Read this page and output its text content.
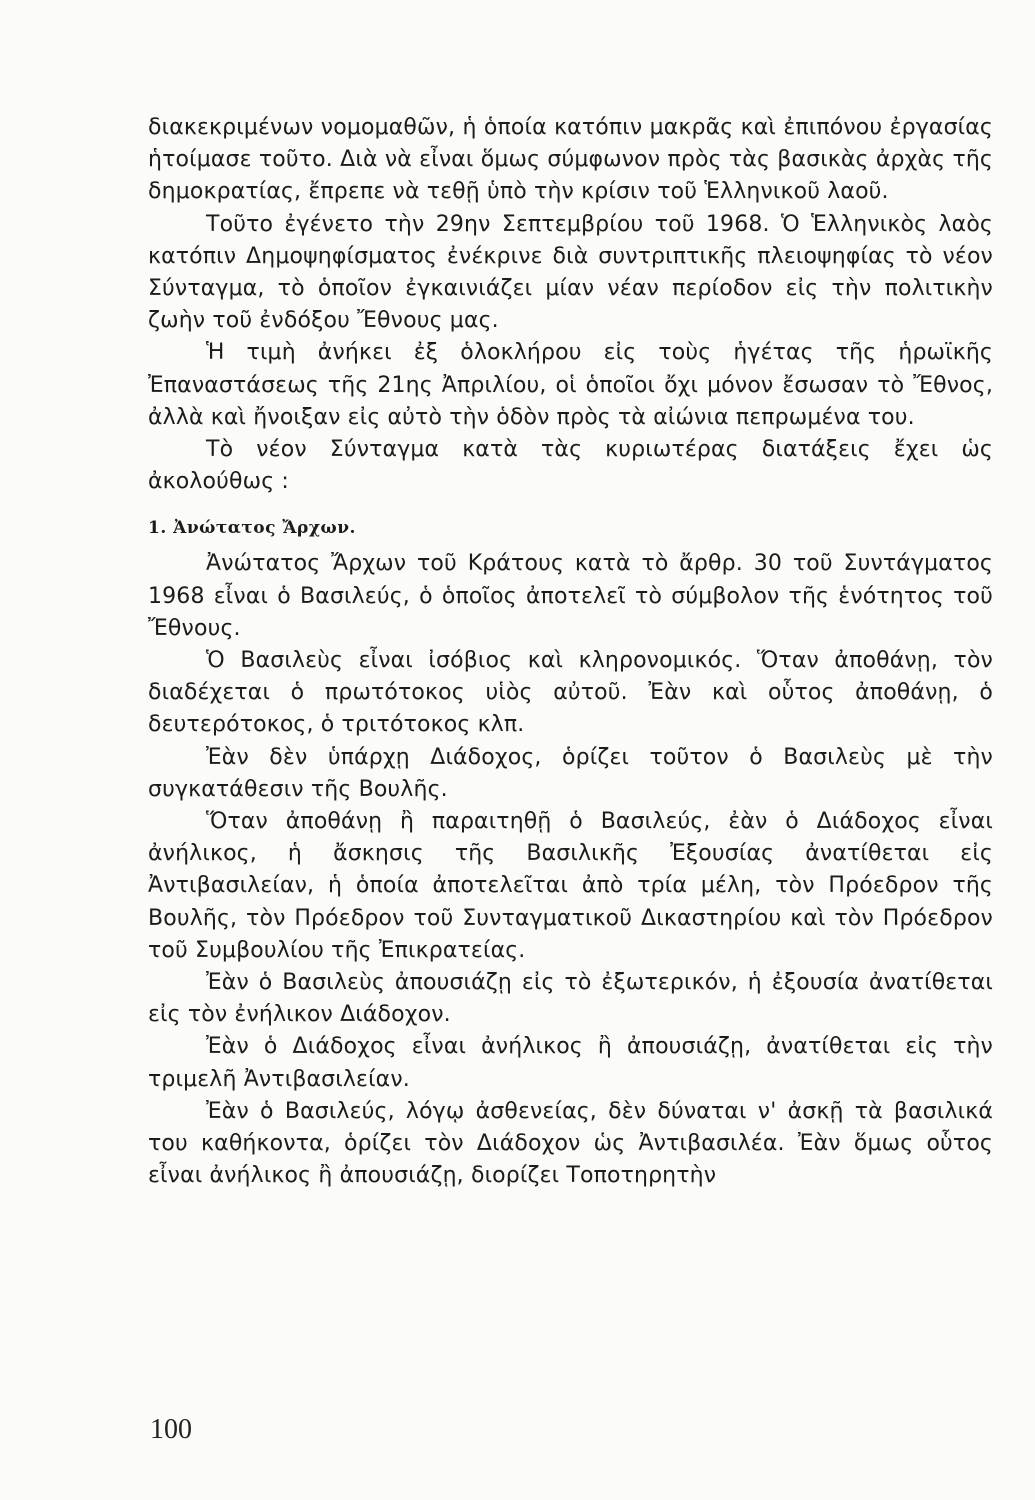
διακεκριμένων νομομαθῶν, ἡ ὁποία κατόπιν μακρᾶς καὶ ἐπιπόνου ἐργασίας ἡτοίμασε τοῦτο. Διὰ νὰ εἶναι ὅμως σύμφωνον πρὸς τὰς βασικὰς ἀρχὰς τῆς δημοκρατίας, ἔπρεπε νὰ τεθῇ ὑπὸ τὴν κρίσιν τοῦ Ἑλληνικοῦ λαοῦ.

Τοῦτο ἐγένετο τὴν 29ην Σεπτεμβρίου τοῦ 1968. Ὁ Ἑλληνικὸς λαὸς κατόπιν Δημοψηφίσματος ἐνέκρινε διὰ συντριπτικῆς πλειοψηφίας τὸ νέον Σύνταγμα, τὸ ὁποῖον ἐγκαινιάζει μίαν νέαν περίοδον εἰς τὴν πολιτικὴν ζωὴν τοῦ ἐνδόξου Ἔθνους μας.

Ἡ τιμὴ ἀνήκει ἐξ ὁλοκλήρου εἰς τοὺς ἡγέτας τῆς ἡρωϊκῆς Ἐπαναστάσεως τῆς 21ης Ἀπριλίου, οἱ ὁποῖοι ὄχι μόνον ἔσωσαν τὸ Ἔθνος, ἀλλὰ καὶ ἤνοιξαν εἰς αὐτὸ τὴν ὁδὸν πρὸς τὰ αἰώνια πεπρωμένα του.

Τὸ νέον Σύνταγμα κατὰ τὰς κυριωτέρας διατάξεις ἔχει ὡς ἀκολούθως :

1. Ἀνώτατος Ἄρχων.

Ἀνώτατος Ἄρχων τοῦ Κράτους κατὰ τὸ ἄρθρ. 30 τοῦ Συντάγματος 1968 εἶναι ὁ Βασιλεύς, ὁ ὁποῖος ἀποτελεῖ τὸ σύμβολον τῆς ἑνότητος τοῦ Ἔθνους.

Ὁ Βασιλεὺς εἶναι ἰσόβιος καὶ κληρονομικός. Ὅταν ἀποθάνῃ, τὸν διαδέχεται ὁ πρωτότοκος υἱὸς αὐτοῦ. Ἐὰν καὶ οὗτος ἀποθάνῃ, ὁ δευτερότοκος, ὁ τριτότοκος κλπ.

Ἐὰν δὲν ὑπάρχῃ Διάδοχος, ὁρίζει τοῦτον ὁ Βασιλεὺς μὲ τὴν συγκατάθεσιν τῆς Βουλῆς.

Ὅταν ἀποθάνῃ ἢ παραιτηθῇ ὁ Βασιλεύς, ἐὰν ὁ Διάδοχος εἶναι ἀνήλικος, ἡ ἄσκησις τῆς Βασιλικῆς Ἐξουσίας ἀνατίθεται εἰς Ἀντιβασιλείαν, ἡ ὁποία ἀποτελεῖται ἀπὸ τρία μέλη, τὸν Πρόεδρον τῆς Βουλῆς, τὸν Πρόεδρον τοῦ Συνταγματικοῦ Δικαστηρίου καὶ τὸν Πρόεδρον τοῦ Συμβουλίου τῆς Ἐπικρατείας.

Ἐὰν ὁ Βασιλεὺς ἀπουσιάζῃ εἰς τὸ ἐξωτερικόν, ἡ ἐξουσία ἀνατίθεται εἰς τὸν ἐνήλικον Διάδοχον.

Ἐὰν ὁ Διάδοχος εἶναι ἀνήλικος ἢ ἀπουσιάζῃ, ἀνατίθεται εἰς τὴν τριμελῆ Ἀντιβασιλείαν.

Ἐὰν ὁ Βασιλεύς, λόγῳ ἀσθενείας, δὲν δύναται ν' ἀσκῇ τὰ βασιλικά του καθήκοντα, ὁρίζει τὸν Διάδοχον ὡς Ἀντιβασιλέα. Ἐὰν ὅμως οὗτος εἶναι ἀνήλικος ἢ ἀπουσιάζῃ, διορίζει Τοποτηρητὴν

100
